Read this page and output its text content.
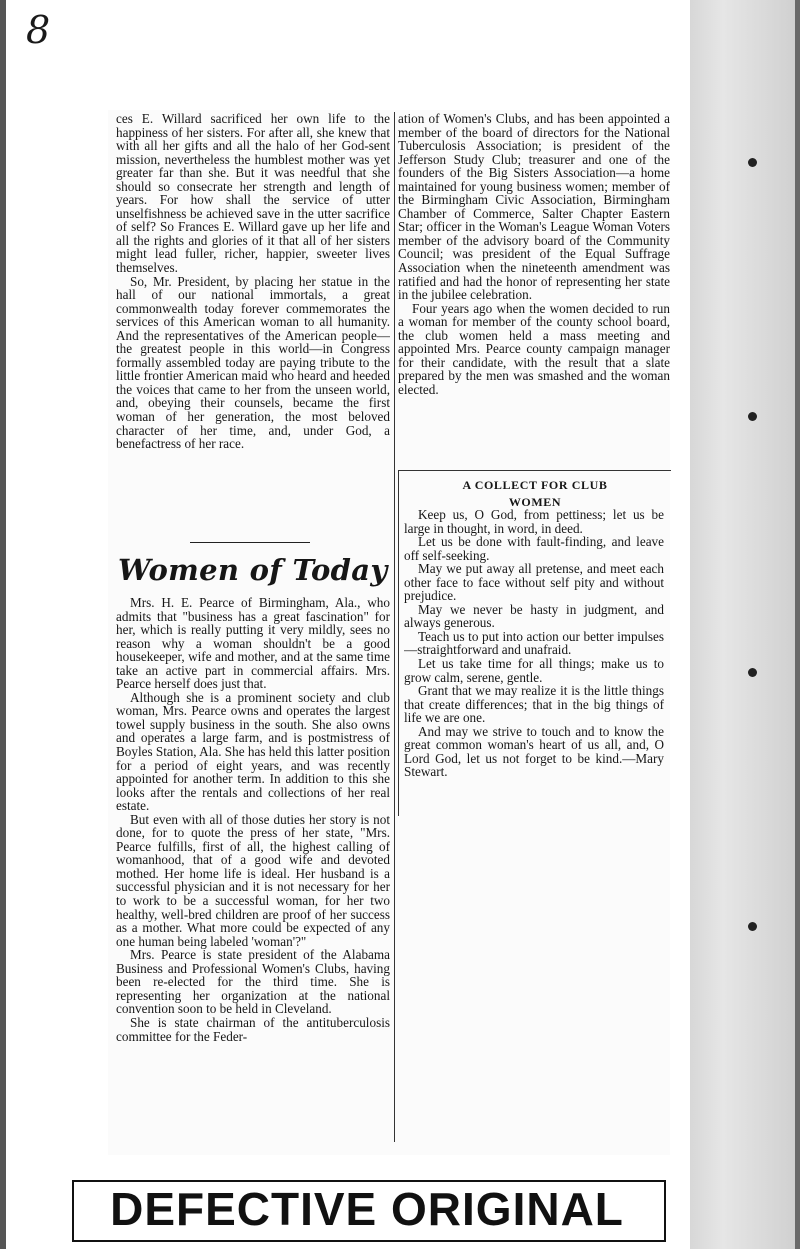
8

ces E. Willard sacrificed her own life to the happiness of her sisters. For after all, she knew that with all her gifts and all the halo of her God-sent mission, nevertheless the humblest mother was yet greater far than she. But it was needful that she should so consecrate her strength and length of years. For how shall the service of utter unselfishness be achieved save in the utter sacrifice of self? So Frances E. Willard gave up her life and all the rights and glories of it that all of her sisters might lead fuller, richer, happier, sweeter lives themselves.

So, Mr. President, by placing her statue in the hall of our national immortals, a great commonwealth today forever commemorates the services of this American woman to all humanity. And the representatives of the American people—the greatest people in this world—in Congress formally assembled today are paying tribute to the little frontier American maid who heard and heeded the voices that came to her from the unseen world, and, obeying their counsels, became the first woman of her generation, the most beloved character of her time, and, under God, a benefactress of her race.

Women of Today

Mrs. H. E. Pearce of Birmingham, Ala., who admits that "business has a great fascination" for her, which is really putting it very mildly, sees no reason why a woman shouldn't be a good housekeeper, wife and mother, and at the same time take an active part in commercial affairs. Mrs. Pearce herself does just that.

Although she is a prominent society and club woman, Mrs. Pearce owns and operates the largest towel supply business in the south. She also owns and operates a large farm, and is postmistress of Boyles Station, Ala. She has held this latter position for a period of eight years, and was recently appointed for another term. In addition to this she looks after the rentals and collections of her real estate.

But even with all of those duties her story is not done, for to quote the press of her state, "Mrs. Pearce fulfills, first of all, the highest calling of womanhood, that of a good wife and devoted mothed. Her home life is ideal. Her husband is a successful physician and it is not necessary for her to work to be a successful woman, for her two healthy, well-bred children are proof of her success as a mother. What more could be expected of any one human being labeled 'woman'?"

Mrs. Pearce is state president of the Alabama Business and Professional Women's Clubs, having been re-elected for the third time. She is representing her organization at the national convention soon to be held in Cleveland.

She is state chairman of the antituberculosis committee for the Feder-

ation of Women's Clubs, and has been appointed a member of the board of directors for the National Tuberculosis Association; is president of the Jefferson Study Club; treasurer and one of the founders of the Big Sisters Association—a home maintained for young business women; member of the Birmingham Civic Association, Birmingham Chamber of Commerce, Salter Chapter Eastern Star; officer in the Woman's League Woman Voters member of the advisory board of the Community Council; was president of the Equal Suffrage Association when the nineteenth amendment was ratified and had the honor of representing her state in the jubilee celebration.

Four years ago when the women decided to run a woman for member of the county school board, the club women held a mass meeting and appointed Mrs. Pearce county campaign manager for their candidate, with the result that a slate prepared by the men was smashed and the woman elected.

A COLLECT FOR CLUB
WOMEN

Keep us, O God, from pettiness; let us be large in thought, in word, in deed.

Let us be done with fault-finding, and leave off self-seeking.

May we put away all pretense, and meet each other face to face without self pity and without prejudice.

May we never be hasty in judgment, and always generous.

Teach us to put into action our better impulses—straightforward and unafraid.

Let us take time for all things; make us to grow calm, serene, gentle.

Grant that we may realize it is the little things that create differences; that in the big things of life we are one.

And may we strive to touch and to know the great common woman's heart of us all, and, O Lord God, let us not forget to be kind.—Mary Stewart.

DEFECTIVE ORIGINAL
